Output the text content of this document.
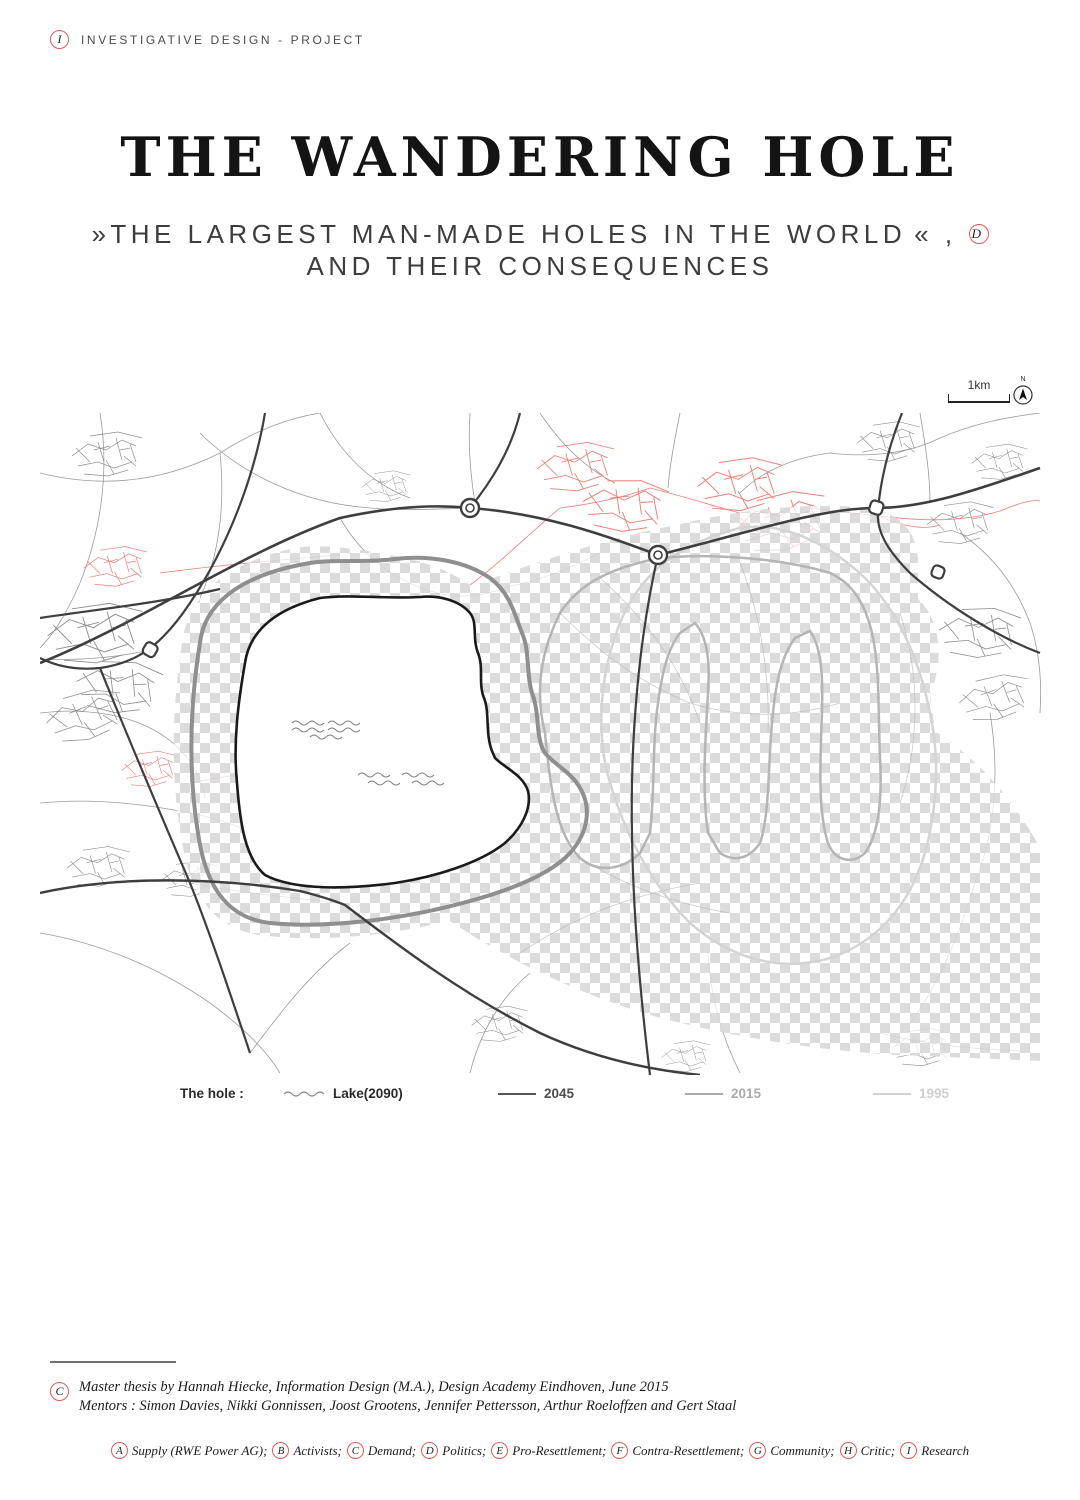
I	INVESTIGATIVE DESIGN - PROJECT
THE WANDERING HOLE
»THE LARGEST MAN-MADE HOLES IN THE WORLD « , D
AND THEIR CONSEQUENCES
1km	N
The hole :	Lake(2090)	2045	2015	1995
C	Master thesis by Hannah Hiecke, Information Design (M.A.), Design Academy Eindhoven, June 2015
Mentors : Simon Davies, Nikki Gonnissen, Joost Grootens, Jennifer Pettersson, Arthur Roeloffzen and Gert Staal
A Supply (RWE Power AG); B Activists; C Demand; D Politics; E Pro-Resettlement; F Contra-Resettlement; G Community; H Critic;	I Research
